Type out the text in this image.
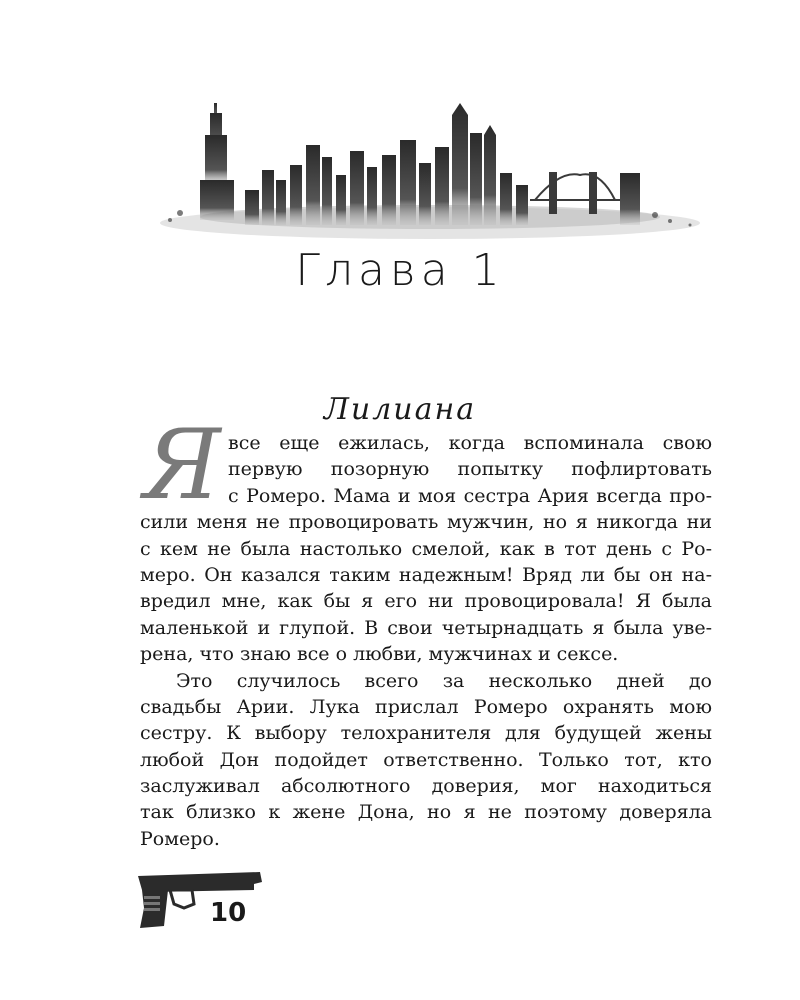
Глава 1
Лилиана
Я все еще ежилась, когда вспоминала свою
первую позорную попытку пофлиртовать
с Ромеро. Мама и моя сестра Ария всегда про-
сили меня не провоцировать мужчин, но я никогда ни
с кем не была настолько смелой, как в тот день с Ро-
меро. Он казался таким надежным! Вряд ли бы он на-
вредил мне, как бы я его ни провоцировала! Я была
маленькой и глупой. В свои четырнадцать я была уве-
рена, что знаю все о любви, мужчинах и сексе.
Это случилось всего за несколько дней до
свадьбы Арии. Лука прислал Ромеро охранять мою
сестру. К выбору телохранителя для будущей жены
любой Дон подойдет ответственно. Только тот, кто
заслуживал абсолютного доверия, мог находиться
так близко к жене Дона, но я не поэтому доверяла
Ромеро.
10
